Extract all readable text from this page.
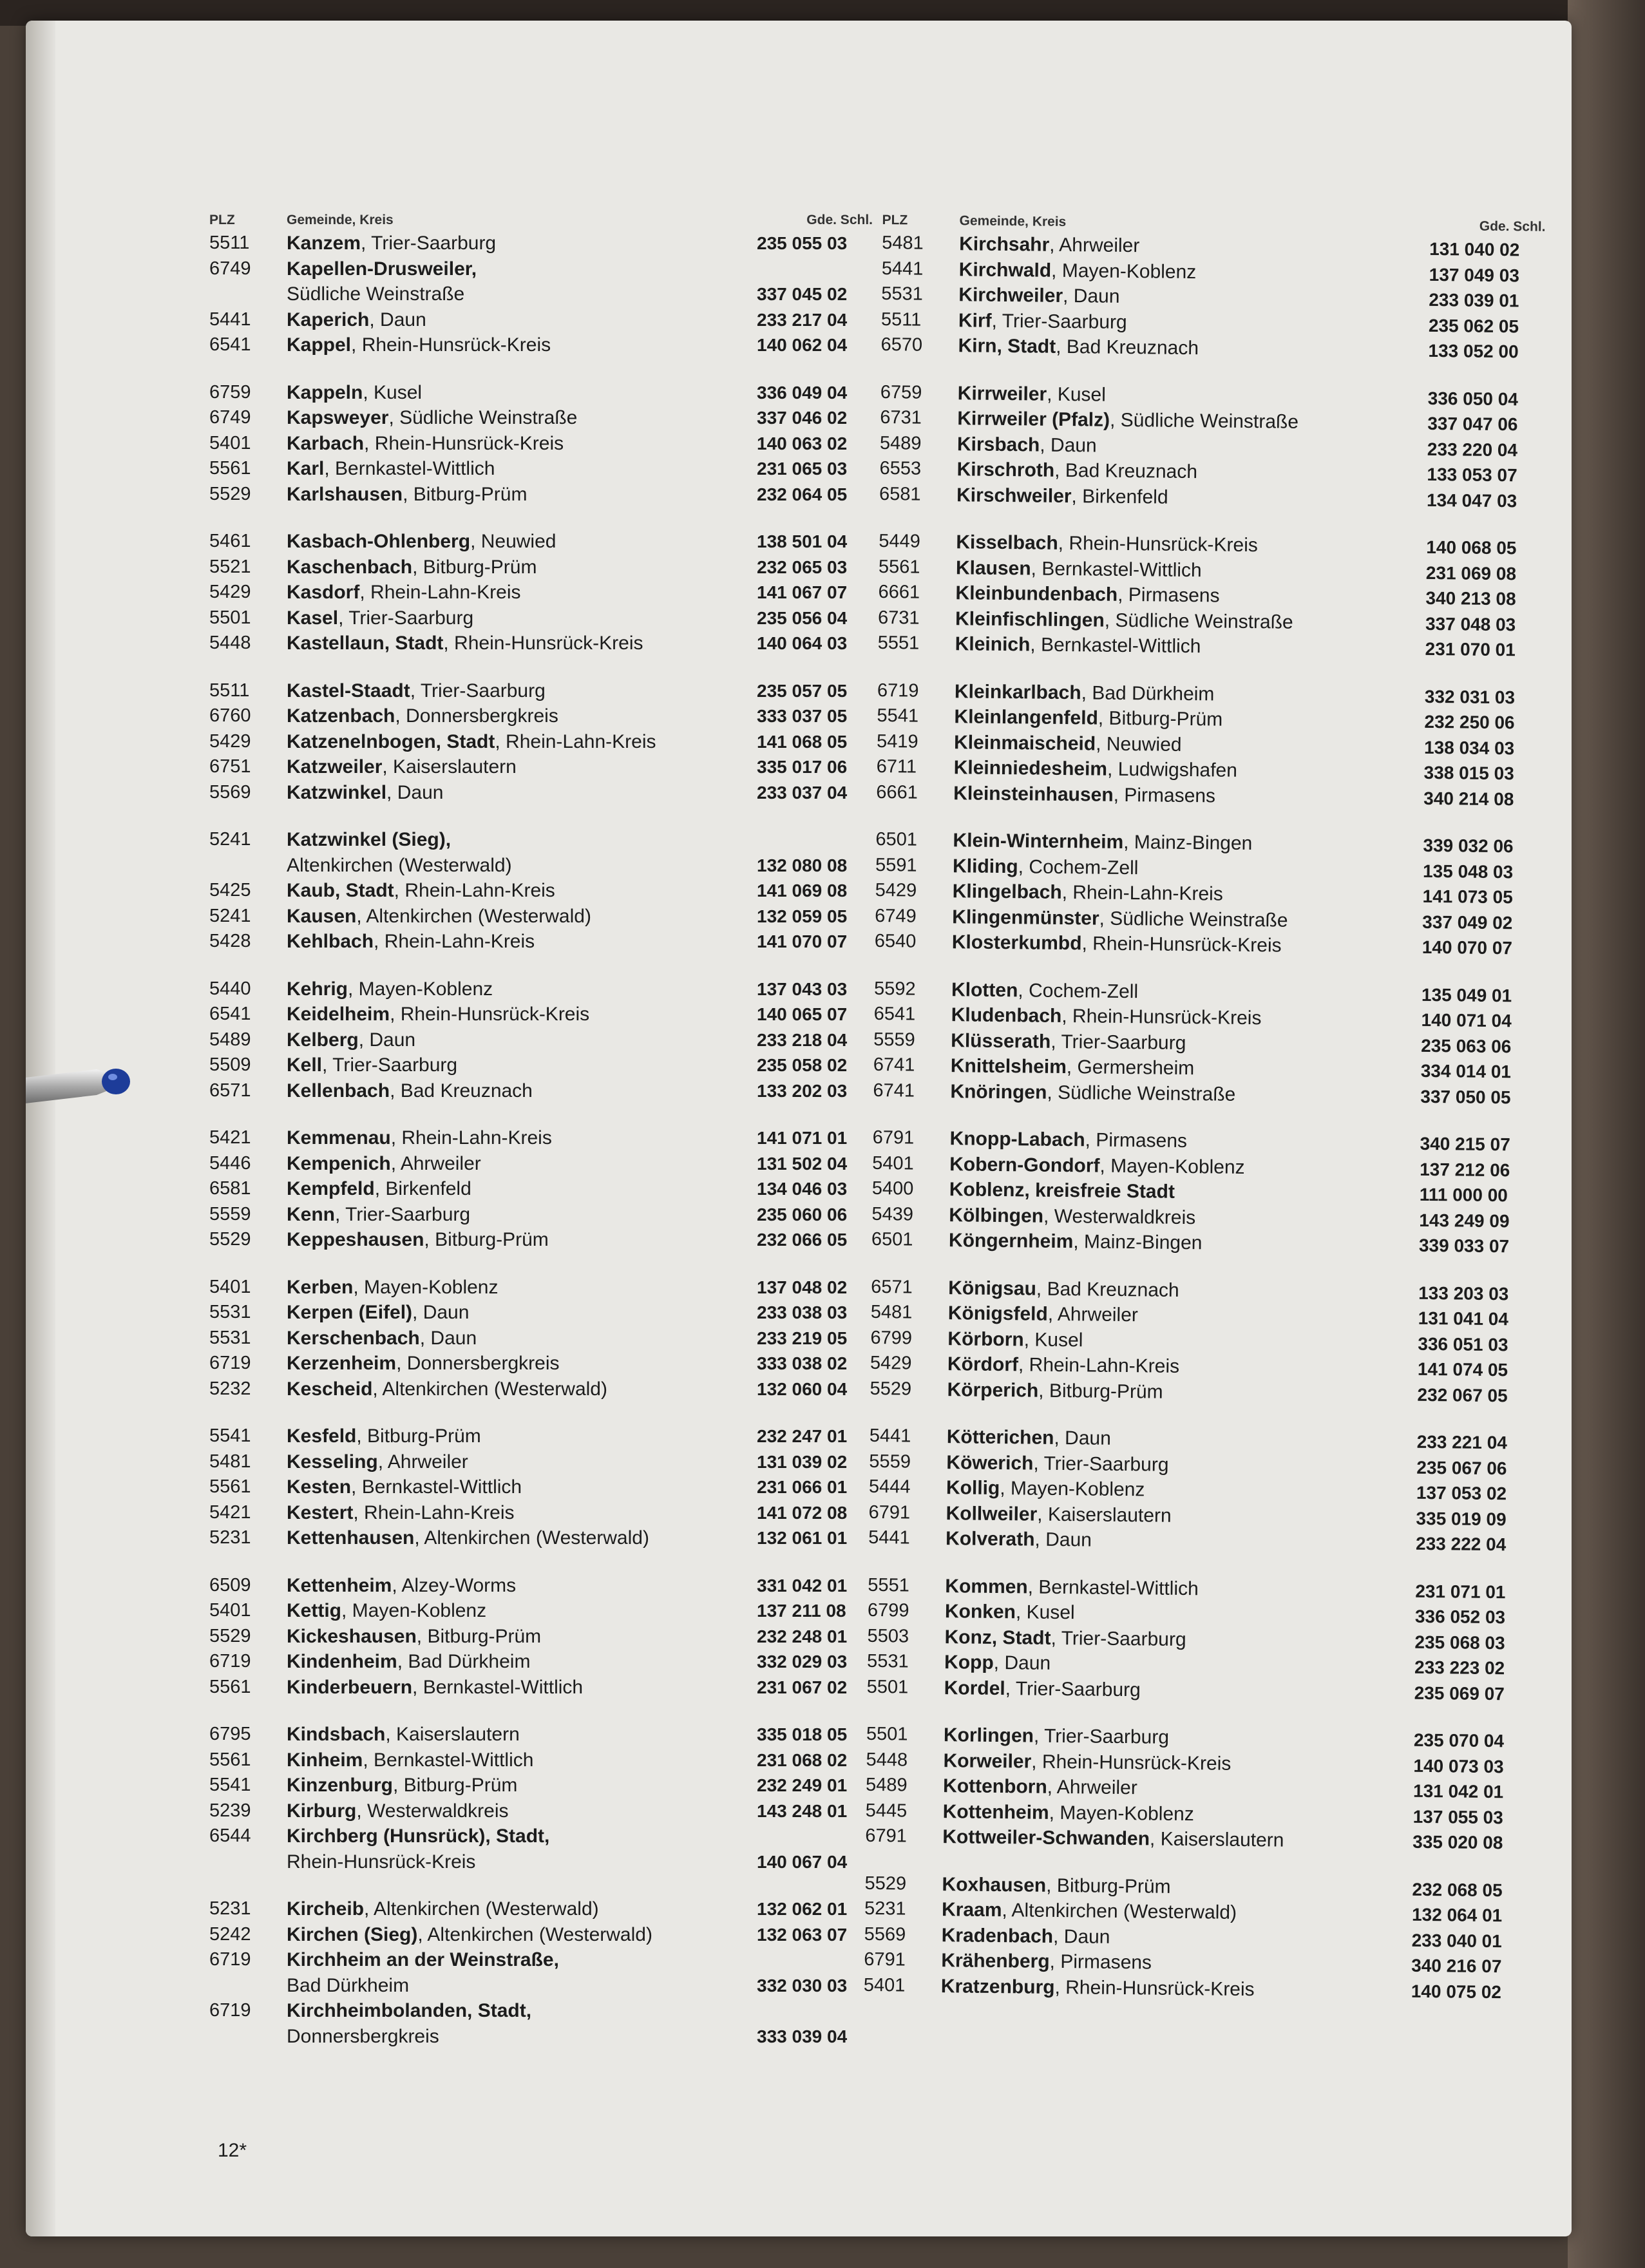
PLZ	Gemeinde, Kreis	Gde. Schl.
5511	Kanzem, Trier-Saarburg	235 055 03
6749	Kapellen-Drusweiler,
Südliche Weinstraße	337 045 02
5441	Kaperich, Daun	233 217 04
6541	Kappel, Rhein-Hunsrück-Kreis	140 062 04
6759	Kappeln, Kusel	336 049 04
6749	Kapsweyer, Südliche Weinstraße	337 046 02
5401	Karbach, Rhein-Hunsrück-Kreis	140 063 02
5561	Karl, Bernkastel-Wittlich	231 065 03
5529	Karlshausen, Bitburg-Prüm	232 064 05
5461	Kasbach-Ohlenberg, Neuwied	138 501 04
5521	Kaschenbach, Bitburg-Prüm	232 065 03
5429	Kasdorf, Rhein-Lahn-Kreis	141 067 07
5501	Kasel, Trier-Saarburg	235 056 04
5448	Kastellaun, Stadt, Rhein-Hunsrück-Kreis	140 064 03
5511	Kastel-Staadt, Trier-Saarburg	235 057 05
6760	Katzenbach, Donnersbergkreis	333 037 05
5429	Katzenelnbogen, Stadt, Rhein-Lahn-Kreis	141 068 05
6751	Katzweiler, Kaiserslautern	335 017 06
5569	Katzwinkel, Daun	233 037 04
5241	Katzwinkel (Sieg),
Altenkirchen (Westerwald)	132 080 08
5425	Kaub, Stadt, Rhein-Lahn-Kreis	141 069 08
5241	Kausen, Altenkirchen (Westerwald)	132 059 05
5428	Kehlbach, Rhein-Lahn-Kreis	141 070 07
5440	Kehrig, Mayen-Koblenz	137 043 03
6541	Keidelheim, Rhein-Hunsrück-Kreis	140 065 07
5489	Kelberg, Daun	233 218 04
5509	Kell, Trier-Saarburg	235 058 02
6571	Kellenbach, Bad Kreuznach	133 202 03
5421	Kemmenau, Rhein-Lahn-Kreis	141 071 01
5446	Kempenich, Ahrweiler	131 502 04
6581	Kempfeld, Birkenfeld	134 046 03
5559	Kenn, Trier-Saarburg	235 060 06
5529	Keppeshausen, Bitburg-Prüm	232 066 05
5401	Kerben, Mayen-Koblenz	137 048 02
5531	Kerpen (Eifel), Daun	233 038 03
5531	Kerschenbach, Daun	233 219 05
6719	Kerzenheim, Donnersbergkreis	333 038 02
5232	Kescheid, Altenkirchen (Westerwald)	132 060 04
5541	Kesfeld, Bitburg-Prüm	232 247 01
5481	Kesseling, Ahrweiler	131 039 02
5561	Kesten, Bernkastel-Wittlich	231 066 01
5421	Kestert, Rhein-Lahn-Kreis	141 072 08
5231	Kettenhausen, Altenkirchen (Westerwald)	132 061 01
6509	Kettenheim, Alzey-Worms	331 042 01
5401	Kettig, Mayen-Koblenz	137 211 08
5529	Kickeshausen, Bitburg-Prüm	232 248 01
6719	Kindenheim, Bad Dürkheim	332 029 03
5561	Kinderbeuern, Bernkastel-Wittlich	231 067 02
6795	Kindsbach, Kaiserslautern	335 018 05
5561	Kinheim, Bernkastel-Wittlich	231 068 02
5541	Kinzenburg, Bitburg-Prüm	232 249 01
5239	Kirburg, Westerwaldkreis	143 248 01
6544	Kirchberg (Hunsrück), Stadt,
Rhein-Hunsrück-Kreis	140 067 04
5231	Kircheib, Altenkirchen (Westerwald)	132 062 01
5242	Kirchen (Sieg), Altenkirchen (Westerwald)	132 063 07
6719	Kirchheim an der Weinstraße,
Bad Dürkheim	332 030 03
6719	Kirchheimbolanden, Stadt,
Donnersbergkreis	333 039 04
PLZ	Gemeinde, Kreis	Gde. Schl.
5481	Kirchsahr, Ahrweiler	131 040 02
5441	Kirchwald, Mayen-Koblenz	137 049 03
5531	Kirchweiler, Daun	233 039 01
5511	Kirf, Trier-Saarburg	235 062 05
6570	Kirn, Stadt, Bad Kreuznach	133 052 00
6759	Kirrweiler, Kusel	336 050 04
6731	Kirrweiler (Pfalz), Südliche Weinstraße	337 047 06
5489	Kirsbach, Daun	233 220 04
6553	Kirschroth, Bad Kreuznach	133 053 07
6581	Kirschweiler, Birkenfeld	134 047 03
5449	Kisselbach, Rhein-Hunsrück-Kreis	140 068 05
5561	Klausen, Bernkastel-Wittlich	231 069 08
6661	Kleinbundenbach, Pirmasens	340 213 08
6731	Kleinfischlingen, Südliche Weinstraße	337 048 03
5551	Kleinich, Bernkastel-Wittlich	231 070 01
6719	Kleinkarlbach, Bad Dürkheim	332 031 03
5541	Kleinlangenfeld, Bitburg-Prüm	232 250 06
5419	Kleinmaischeid, Neuwied	138 034 03
6711	Kleinniedesheim, Ludwigshafen	338 015 03
6661	Kleinsteinhausen, Pirmasens	340 214 08
6501	Klein-Winternheim, Mainz-Bingen	339 032 06
5591	Kliding, Cochem-Zell	135 048 03
5429	Klingelbach, Rhein-Lahn-Kreis	141 073 05
6749	Klingenmünster, Südliche Weinstraße	337 049 02
6540	Klosterkumbd, Rhein-Hunsrück-Kreis	140 070 07
5592	Klotten, Cochem-Zell	135 049 01
6541	Kludenbach, Rhein-Hunsrück-Kreis	140 071 04
5559	Klüsserath, Trier-Saarburg	235 063 06
6741	Knittelsheim, Germersheim	334 014 01
6741	Knöringen, Südliche Weinstraße	337 050 05
6791	Knopp-Labach, Pirmasens	340 215 07
5401	Kobern-Gondorf, Mayen-Koblenz	137 212 06
5400	Koblenz, kreisfreie Stadt	111 000 00
5439	Kölbingen, Westerwaldkreis	143 249 09
6501	Köngernheim, Mainz-Bingen	339 033 07
6571	Königsau, Bad Kreuznach	133 203 03
5481	Königsfeld, Ahrweiler	131 041 04
6799	Körborn, Kusel	336 051 03
5429	Kördorf, Rhein-Lahn-Kreis	141 074 05
5529	Körperich, Bitburg-Prüm	232 067 05
5441	Kötterichen, Daun	233 221 04
5559	Köwerich, Trier-Saarburg	235 067 06
5444	Kollig, Mayen-Koblenz	137 053 02
6791	Kollweiler, Kaiserslautern	335 019 09
5441	Kolverath, Daun	233 222 04
5551	Kommen, Bernkastel-Wittlich	231 071 01
6799	Konken, Kusel	336 052 03
5503	Konz, Stadt, Trier-Saarburg	235 068 03
5531	Kopp, Daun	233 223 02
5501	Kordel, Trier-Saarburg	235 069 07
5501	Korlingen, Trier-Saarburg	235 070 04
5448	Korweiler, Rhein-Hunsrück-Kreis	140 073 03
5489	Kottenborn, Ahrweiler	131 042 01
5445	Kottenheim, Mayen-Koblenz	137 055 03
6791	Kottweiler-Schwanden, Kaiserslautern	335 020 08
5529	Koxhausen, Bitburg-Prüm	232 068 05
5231	Kraam, Altenkirchen (Westerwald)	132 064 01
5569	Kradenbach, Daun	233 040 01
6791	Krähenberg, Pirmasens	340 216 07
5401	Kratzenburg, Rhein-Hunsrück-Kreis	140 075 02
12*
